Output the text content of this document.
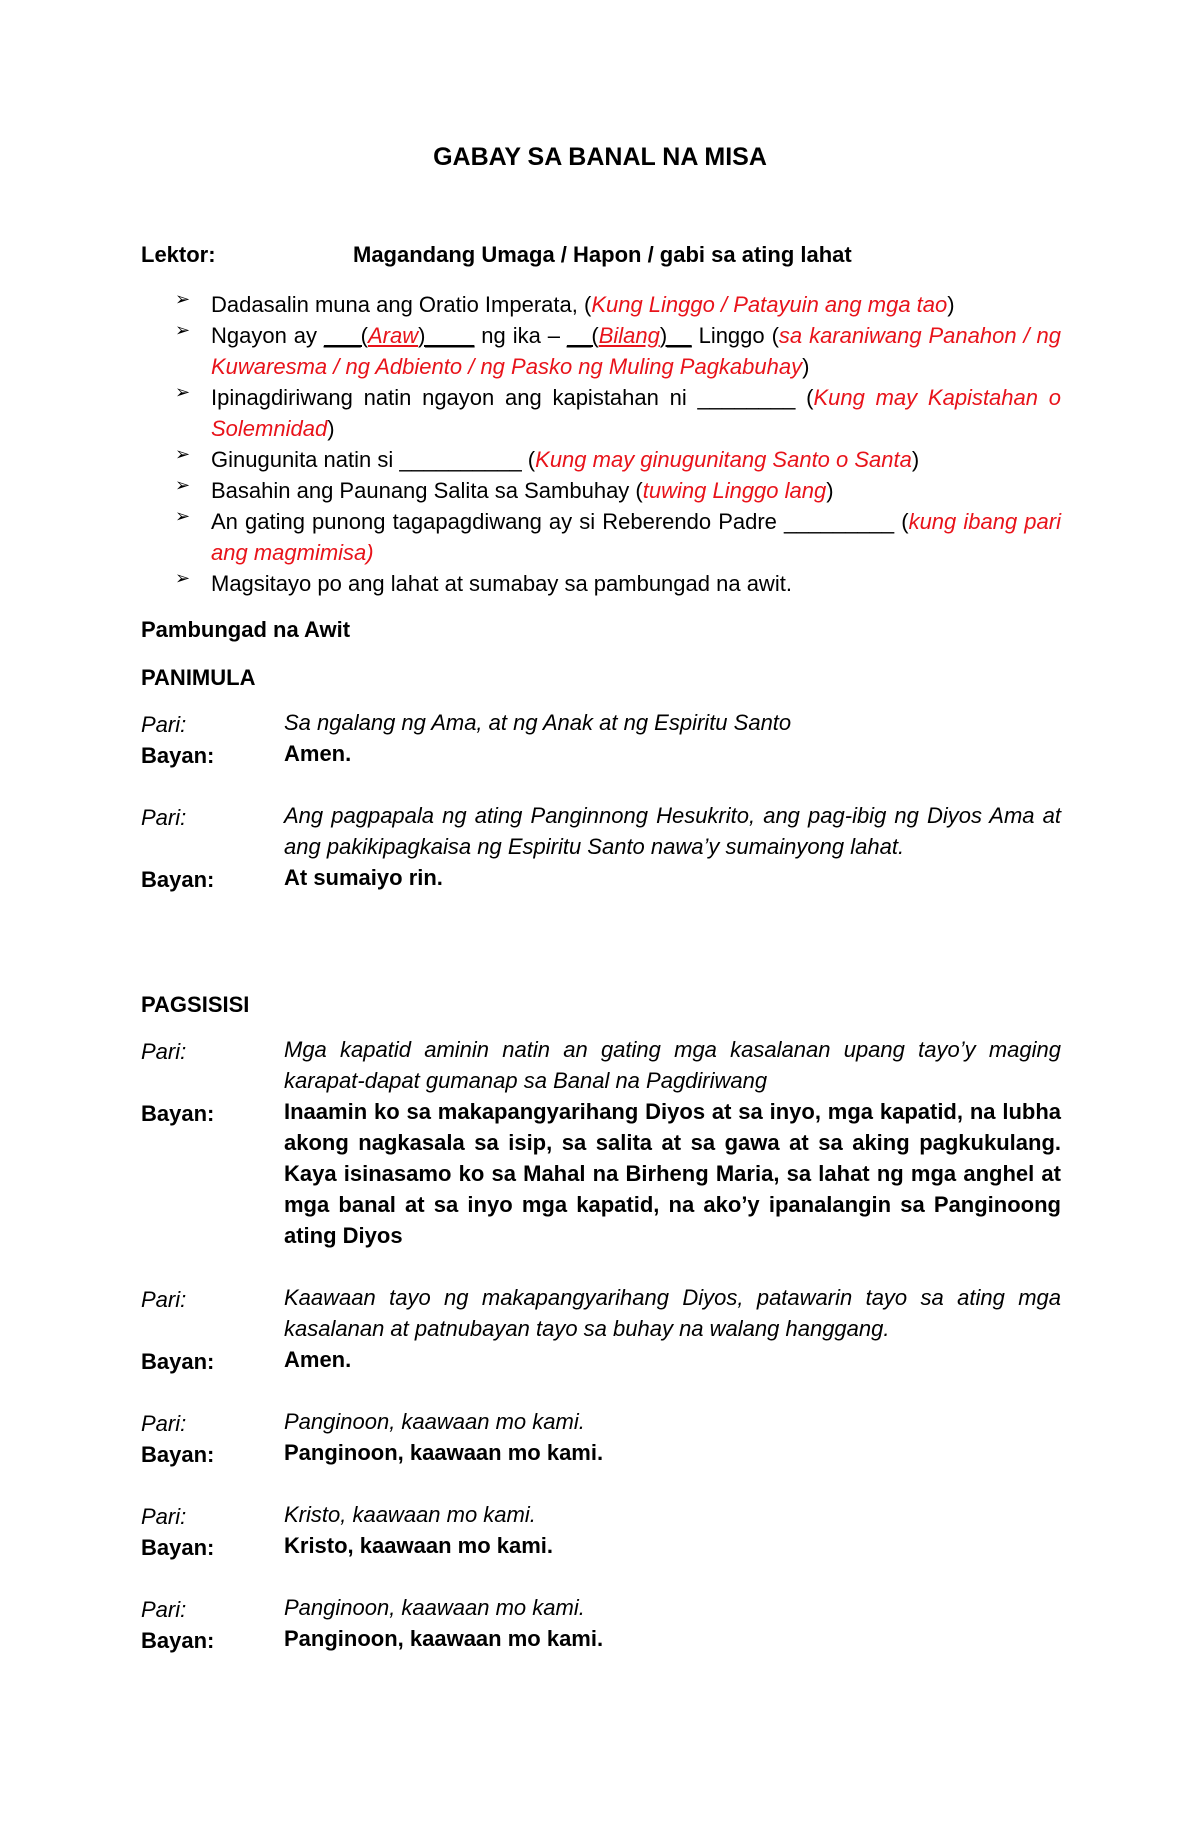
GABAY SA BANAL NA MISA
Lektor:	Magandang Umaga / Hapon / gabi sa ating lahat
➢ Dadasalin muna ang Oratio Imperata, (Kung Linggo / Patayuin ang mga tao)
➢ Ngayon ay ___(Araw)____ ng ika – __(Bilang)__ Linggo (sa karaniwang Panahon / ng Kuwaresma / ng Adbiento / ng Pasko ng Muling Pagkabuhay)
➢ Ipinagdiriwang natin ngayon ang kapistahan ni ________ (Kung may Kapistahan o Solemnidad)
➢ Ginugunita natin si __________ (Kung may ginugunitang Santo o Santa)
➢ Basahin ang Paunang Salita sa Sambuhay (tuwing Linggo lang)
➢ An gating punong tagapagdiwang ay si Reberendo Padre _________ (kung ibang pari ang magmimisa)
➢ Magsitayo po ang lahat at sumabay sa pambungad na awit.
Pambungad na Awit
PANIMULA
Pari:	Sa ngalang ng Ama, at ng Anak at ng Espiritu Santo
Bayan:	Amen.
Pari:	Ang pagpapala ng ating Panginnong Hesukrito, ang pag-ibig ng Diyos Ama at ang pakikipagkaisa ng Espiritu Santo nawa’y sumainyong lahat.
Bayan:	At sumaiyo rin.
PAGSISISI
Pari:	Mga kapatid aminin natin an gating mga kasalanan upang tayo’y maging karapat-dapat gumanap sa Banal na Pagdiriwang
Bayan:	Inaamin ko sa makapangyarihang Diyos at sa inyo, mga kapatid, na lubha akong nagkasala sa isip, sa salita at sa gawa at sa aking pagkukulang. Kaya isinasamo ko sa Mahal na Birheng Maria, sa lahat ng mga anghel at mga banal at sa inyo mga kapatid, na ako’y ipanalangin sa Panginoong ating Diyos
Pari:	Kaawaan tayo ng makapangyarihang Diyos, patawarin tayo sa ating mga kasalanan at patnubayan tayo sa buhay na walang hanggang.
Bayan:	Amen.
Pari:	Panginoon, kaawaan mo kami.
Bayan:	Panginoon, kaawaan mo kami.
Pari:	Kristo, kaawaan mo kami.
Bayan:	Kristo, kaawaan mo kami.
Pari:	Panginoon, kaawaan mo kami.
Bayan:	Panginoon, kaawaan mo kami.
